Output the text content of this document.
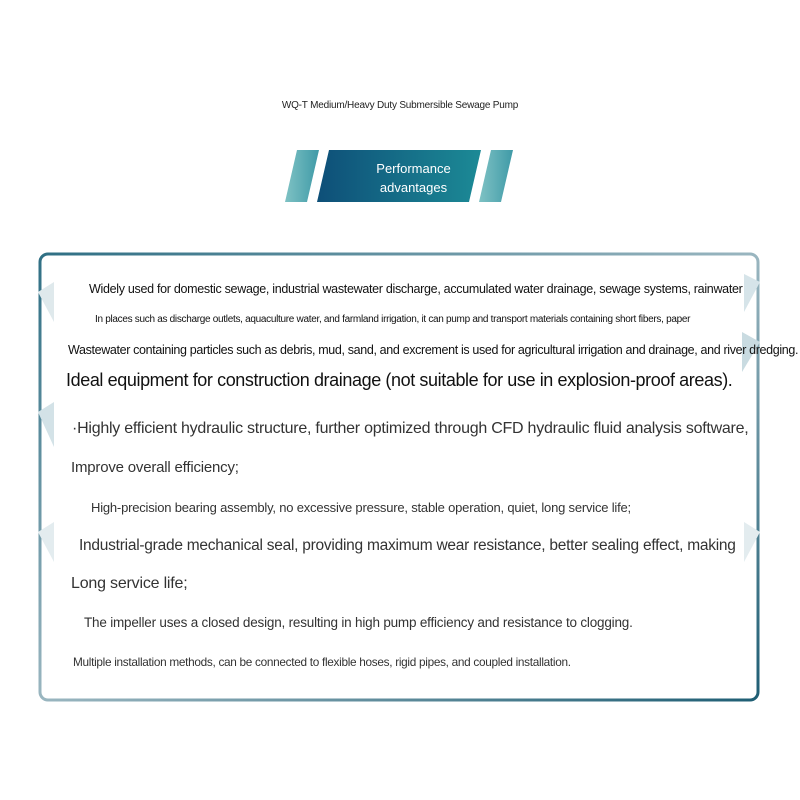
WQ-T Medium/Heavy Duty Submersible Sewage Pump
Performance
advantages
Widely used for domestic sewage, industrial wastewater discharge, accumulated water drainage, sewage systems, rainwater
In places such as discharge outlets, aquaculture water, and farmland irrigation, it can pump and transport materials containing short fibers, paper
Wastewater containing particles such as debris, mud, sand, and excrement is used for agricultural irrigation and drainage, and river dredging.
Ideal equipment for construction drainage (not suitable for use in explosion-proof areas).
·Highly efficient hydraulic structure, further optimized through CFD hydraulic fluid analysis software,
Improve overall efficiency;
High-precision bearing assembly, no excessive pressure, stable operation, quiet, long service life;
Industrial-grade mechanical seal, providing maximum wear resistance, better sealing effect, making
Long service life;
The impeller uses a closed design, resulting in high pump efficiency and resistance to clogging.
Multiple installation methods, can be connected to flexible hoses, rigid pipes, and coupled installation.
